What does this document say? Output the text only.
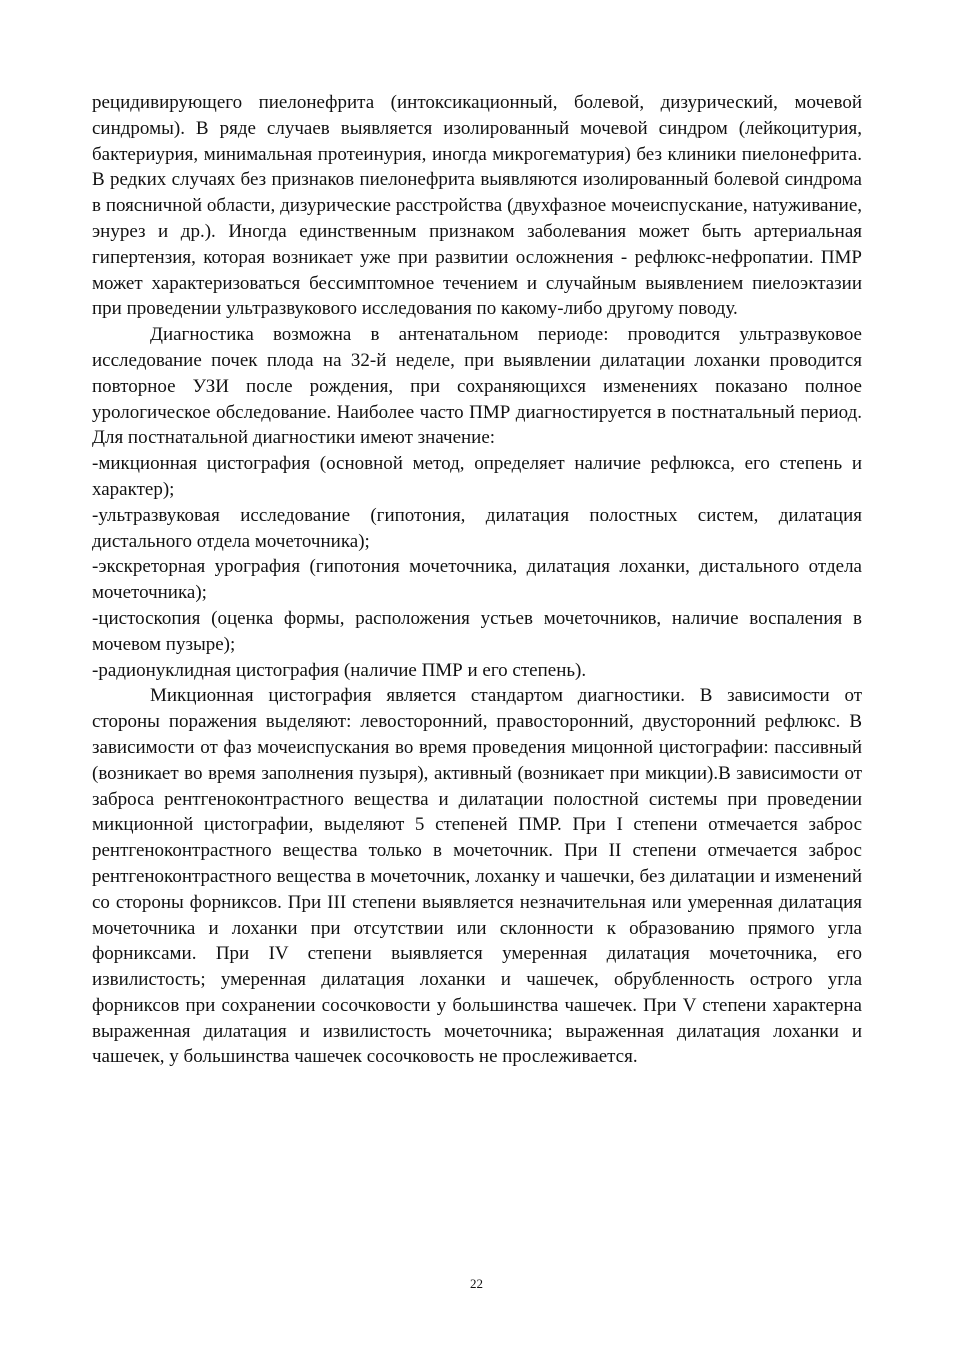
рецидивирующего пиелонефрита (интоксикационный, болевой, дизурический, мочевой синдромы). В ряде случаев выявляется изолированный мочевой синдром (лейкоцитурия, бактериурия, минимальная протеинурия, иногда микрогематурия) без клиники пиелонефрита. В редких случаях без признаков пиелонефрита выявляются изолированный болевой синдрома в поясничной области, дизурические расстройства (двухфазное мочеиспускание, натуживание, энурез и др.). Иногда единственным признаком заболевания может быть артериальная гипертензия, которая возникает уже при развитии осложнения - рефлюкс-нефропатии. ПМР может характеризоваться бессимптомное течением и случайным выявлением пиелоэктазии при проведении ультразвукового исследования по какому-либо другому поводу.

Диагностика возможна в антенатальном периоде: проводится ультразвуковое исследование почек плода на 32-й неделе, при выявлении дилатации лоханки проводится повторное УЗИ после рождения, при сохраняющихся изменениях показано полное урологическое обследование. Наиболее часто ПМР диагностируется в постнатальный период. Для постнатальной диагностики имеют значение:

-микционная цистография (основной метод, определяет наличие рефлюкса, его степень и характер);

-ультразвуковая исследование (гипотония, дилатация полостных систем, дилатация дистального отдела мочеточника);

-экскреторная урография (гипотония мочеточника, дилатация лоханки, дистального отдела мочеточника);

-цистоскопия (оценка формы, расположения устьев мочеточников, наличие воспаления в мочевом пузыре);

-радионуклидная цистография (наличие ПМР и его степень).

Микционная цистография является стандартом диагностики. В зависимости от стороны поражения выделяют: левосторонний, правосторонний, двусторонний рефлюкс. В зависимости от фаз мочеиспускания во время проведения мицонной цистографии: пассивный (возникает во время заполнения пузыря), активный (возникает при микции).В зависимости от заброса рентгеноконтрастного вещества и дилатации полостной системы при проведении микционной цистографии, выделяют 5 степеней ПМР. При I степени отмечается заброс рентгеноконтрастного вещества только в мочеточник. При II степени отмечается заброс рентгеноконтрастного вещества в мочеточник, лоханку и чашечки, без дилатации и изменений со стороны форниксов. При III степени выявляется незначительная или умеренная дилатация мочеточника и лоханки при отсутствии или склонности к образованию прямого угла форниксами. При IV степени выявляется умеренная дилатация мочеточника, его извилистость; умеренная дилатация лоханки и чашечек, обрубленность острого угла форниксов при сохранении сосочковости у большинства чашечек. При V степени характерна выраженная дилатация и извилистость мочеточника; выраженная дилатация лоханки и чашечек, у большинства чашечек сосочковость не прослеживается.

22
